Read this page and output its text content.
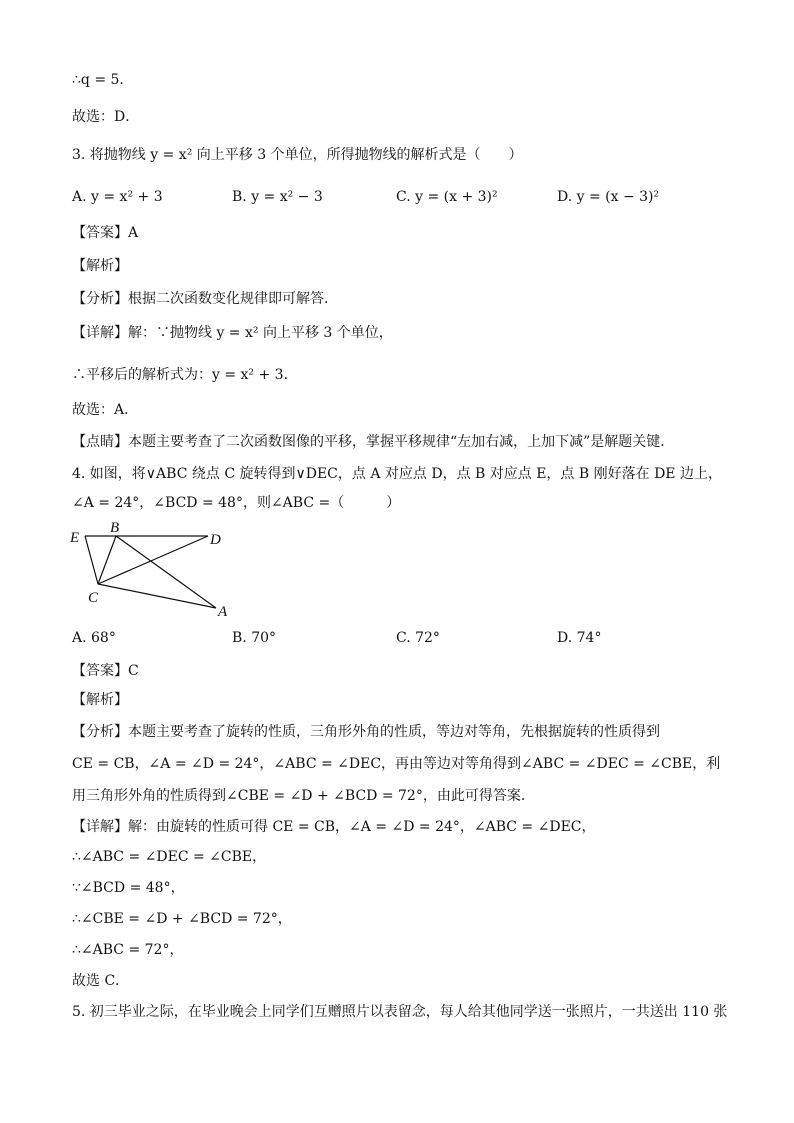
∴q = 5.
故选：D．
3. 将抛物线 y = x² 向上平移 3 个单位，所得抛物线的解析式是（　　）
A. y = x² + 3	B. y = x² − 3	C. y = (x + 3)²	D. y = (x − 3)²
【答案】A
【解析】
【分析】根据二次函数变化规律即可解答．
【详解】解：∵抛物线 y = x² 向上平移 3 个单位，
∴平移后的解析式为：y = x² + 3．
故选：A．
【点睛】本题主要考查了二次函数图像的平移，掌握平移规律“左加右减，上加下减”是解题关键．
4. 如图，将∨ABC 绕点 C 旋转得到∨DEC，点 A 对应点 D，点 B 对应点 E，点 B 刚好落在 DE 边上，
∠A = 24°，∠BCD = 48°，则∠ABC =（　　　）
E
B
D
C
A
A. 68°	B. 70°	C. 72°	D. 74°
【答案】C
【解析】
【分析】本题主要考查了旋转的性质，三角形外角的性质，等边对等角，先根据旋转的性质得到
CE = CB，∠A = ∠D = 24°，∠ABC = ∠DEC，再由等边对等角得到∠ABC = ∠DEC = ∠CBE，利
用三角形外角的性质得到∠CBE = ∠D + ∠BCD = 72°，由此可得答案．
【详解】解：由旋转的性质可得 CE = CB，∠A = ∠D = 24°，∠ABC = ∠DEC，
∴∠ABC = ∠DEC = ∠CBE，
∵∠BCD = 48°，
∴∠CBE = ∠D + ∠BCD = 72°，
∴∠ABC = 72°，
故选 C．
5. 初三毕业之际，在毕业晚会上同学们互赠照片以表留念，每人给其他同学送一张照片，一共送出 110 张
